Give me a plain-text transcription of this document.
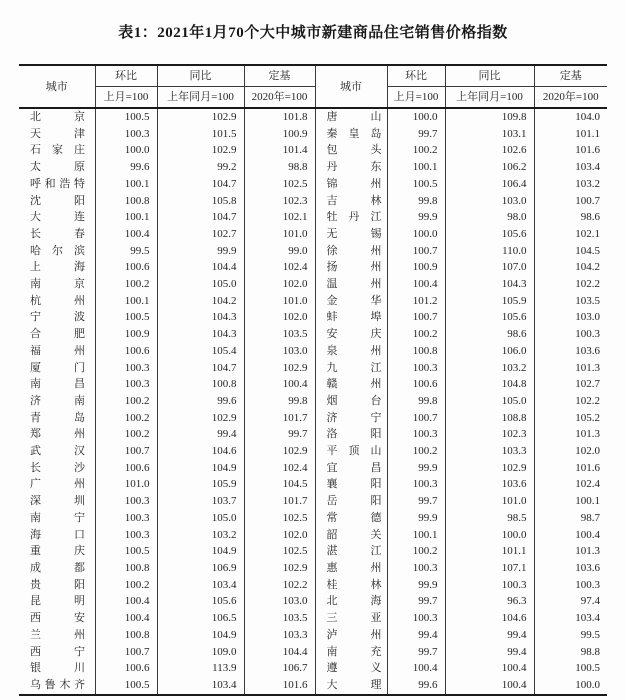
表1：2021年1月70个大中城市新建商品住宅销售价格指数
城市	环比	同比	定基	城市	环比	同比	定基
	上月=100	上年同月=100	2020年=100		上月=100	上年同月=100	2020年=100
北京	100.5	102.9	101.8	唐山	100.0	109.8	104.0
天津	100.3	101.5	100.9	秦皇岛	99.7	103.1	101.1
石家庄	100.0	102.9	101.4	包头	100.2	102.6	101.6
太原	99.6	99.2	98.8	丹东	100.1	106.2	103.4
呼和浩特	100.1	104.7	102.5	锦州	100.5	106.4	103.2
沈阳	100.8	105.8	102.3	吉林	99.8	103.0	100.7
大连	100.1	104.7	102.1	牡丹江	99.9	98.0	98.6
长春	100.4	102.7	101.0	无锡	100.0	105.6	102.1
哈尔滨	99.5	99.9	99.0	徐州	100.7	110.0	104.5
上海	100.6	104.4	102.4	扬州	100.9	107.0	104.2
南京	100.2	105.0	102.0	温州	100.4	104.3	102.2
杭州	100.1	104.2	101.0	金华	101.2	105.9	103.5
宁波	100.5	104.3	102.0	蚌埠	100.7	105.6	103.0
合肥	100.9	104.3	103.5	安庆	100.2	98.6	100.3
福州	100.6	105.4	103.0	泉州	100.8	106.0	103.6
厦门	100.3	104.7	102.9	九江	100.3	103.2	101.3
南昌	100.3	100.8	100.4	赣州	100.6	104.8	102.7
济南	100.2	99.6	99.8	烟台	99.8	105.0	102.2
青岛	100.2	102.9	101.7	济宁	100.7	108.8	105.2
郑州	100.2	99.4	99.7	洛阳	100.3	102.3	101.3
武汉	100.7	104.6	102.9	平顶山	100.2	103.3	102.0
长沙	100.6	104.9	102.4	宜昌	99.9	102.9	101.6
广州	101.0	105.9	104.5	襄阳	100.3	103.6	102.4
深圳	100.3	103.7	101.7	岳阳	99.7	101.0	100.1
南宁	100.3	105.0	102.5	常德	99.9	98.5	98.7
海口	100.3	103.2	102.0	韶关	100.1	100.0	100.4
重庆	100.5	104.9	102.5	湛江	100.2	101.1	101.3
成都	100.8	106.9	102.9	惠州	100.3	107.1	103.6
贵阳	100.2	103.4	102.2	桂林	99.9	100.3	100.3
昆明	100.4	105.6	103.0	北海	99.7	96.3	97.4
西安	100.4	106.5	103.5	三亚	100.3	104.6	103.4
兰州	100.8	104.9	103.3	泸州	99.4	99.4	99.5
西宁	100.7	109.0	104.4	南充	99.7	99.4	98.8
银川	100.6	113.9	106.7	遵义	100.4	100.4	100.5
乌鲁木齐	100.5	103.4	101.6	大理	99.6	100.4	100.0
